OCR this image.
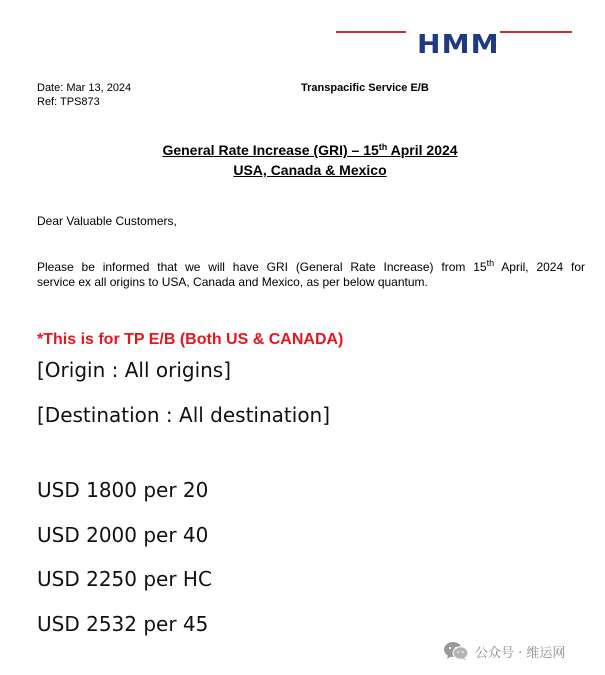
HMM
Date: Mar 13, 2024
Ref: TPS873
Transpacific Service E/B
General Rate Increase (GRI) – 15th April 2024
USA, Canada & Mexico
Dear Valuable Customers,
Please be informed that we will have GRI (General Rate Increase) from 15th April, 2024 for
service ex all origins to USA, Canada and Mexico, as per below quantum.
*This is for TP E/B (Both US & CANADA)
[Origin : All origins]
[Destination : All destination]
USD 1800 per 20
USD 2000 per 40
USD 2250 per HC
USD 2532 per 45
公众号 · 维运网
